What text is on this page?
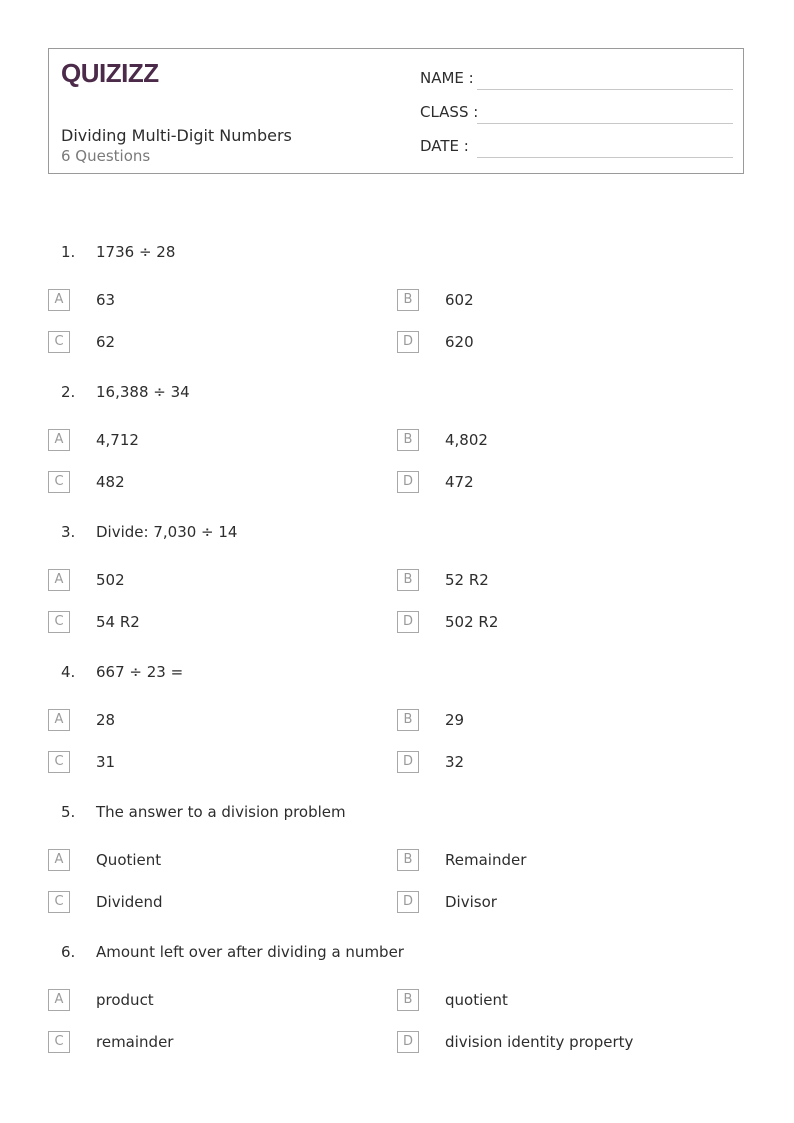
QUIZIZZ
Dividing Multi-Digit Numbers
6 Questions
NAME :
CLASS :
DATE :
1. 1736 ÷ 28
A	63	B	602
C	62	D	620
2. 16,388 ÷ 34
A	4,712	B	4,802
C	482	D	472
3. Divide: 7,030 ÷ 14
A	502	B	52 R2
C	54 R2	D	502 R2
4. 667 ÷ 23 =
A	28	B	29
C	31	D	32
5. The answer to a division problem
A	Quotient	B	Remainder
C	Dividend	D	Divisor
6. Amount left over after dividing a number
A	product	B	quotient
C	remainder	D	division identity property
